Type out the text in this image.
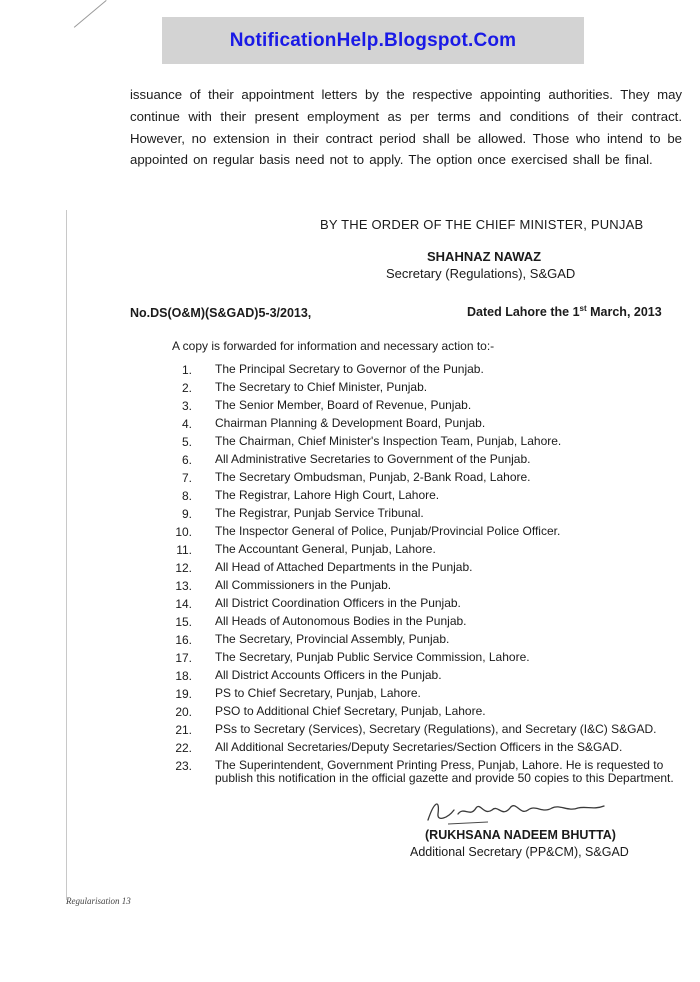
NotificationHelp.Blogspot.Com
issuance of their appointment letters by the respective appointing authorities. They may continue with their present employment as per terms and conditions of their contract. However, no extension in their contract period shall be allowed. Those who intend to be appointed on regular basis need not to apply. The option once exercised shall be final.
BY THE ORDER OF THE CHIEF MINISTER, PUNJAB
SHAHNAZ NAWAZ
Secretary (Regulations), S&GAD
No.DS(O&M)(S&GAD)5-3/2013,	Dated Lahore the 1st March, 2013
A copy is forwarded for information and necessary action to:-
1. The Principal Secretary to Governor of the Punjab.
2. The Secretary to Chief Minister, Punjab.
3. The Senior Member, Board of Revenue, Punjab.
4. Chairman Planning & Development Board, Punjab.
5. The Chairman, Chief Minister's Inspection Team, Punjab, Lahore.
6. All Administrative Secretaries to Government of the Punjab.
7. The Secretary Ombudsman, Punjab, 2-Bank Road, Lahore.
8. The Registrar, Lahore High Court, Lahore.
9. The Registrar, Punjab Service Tribunal.
10. The Inspector General of Police, Punjab/Provincial Police Officer.
11. The Accountant General, Punjab, Lahore.
12. All Head of Attached Departments in the Punjab.
13. All Commissioners in the Punjab.
14. All District Coordination Officers in the Punjab.
15. All Heads of Autonomous Bodies in the Punjab.
16. The Secretary, Provincial Assembly, Punjab.
17. The Secretary, Punjab Public Service Commission, Lahore.
18. All District Accounts Officers in the Punjab.
19. PS to Chief Secretary, Punjab, Lahore.
20. PSO to Additional Chief Secretary, Punjab, Lahore.
21. PSs to Secretary (Services), Secretary (Regulations), and Secretary (I&C) S&GAD.
22. All Additional Secretaries/Deputy Secretaries/Section Officers in the S&GAD.
23. The Superintendent, Government Printing Press, Punjab, Lahore. He is requested to publish this notification in the official gazette and provide 50 copies to this Department.
(RUKHSANA NADEEM BHUTTA)
Additional Secretary (PP&CM), S&GAD
Regularisation 13
